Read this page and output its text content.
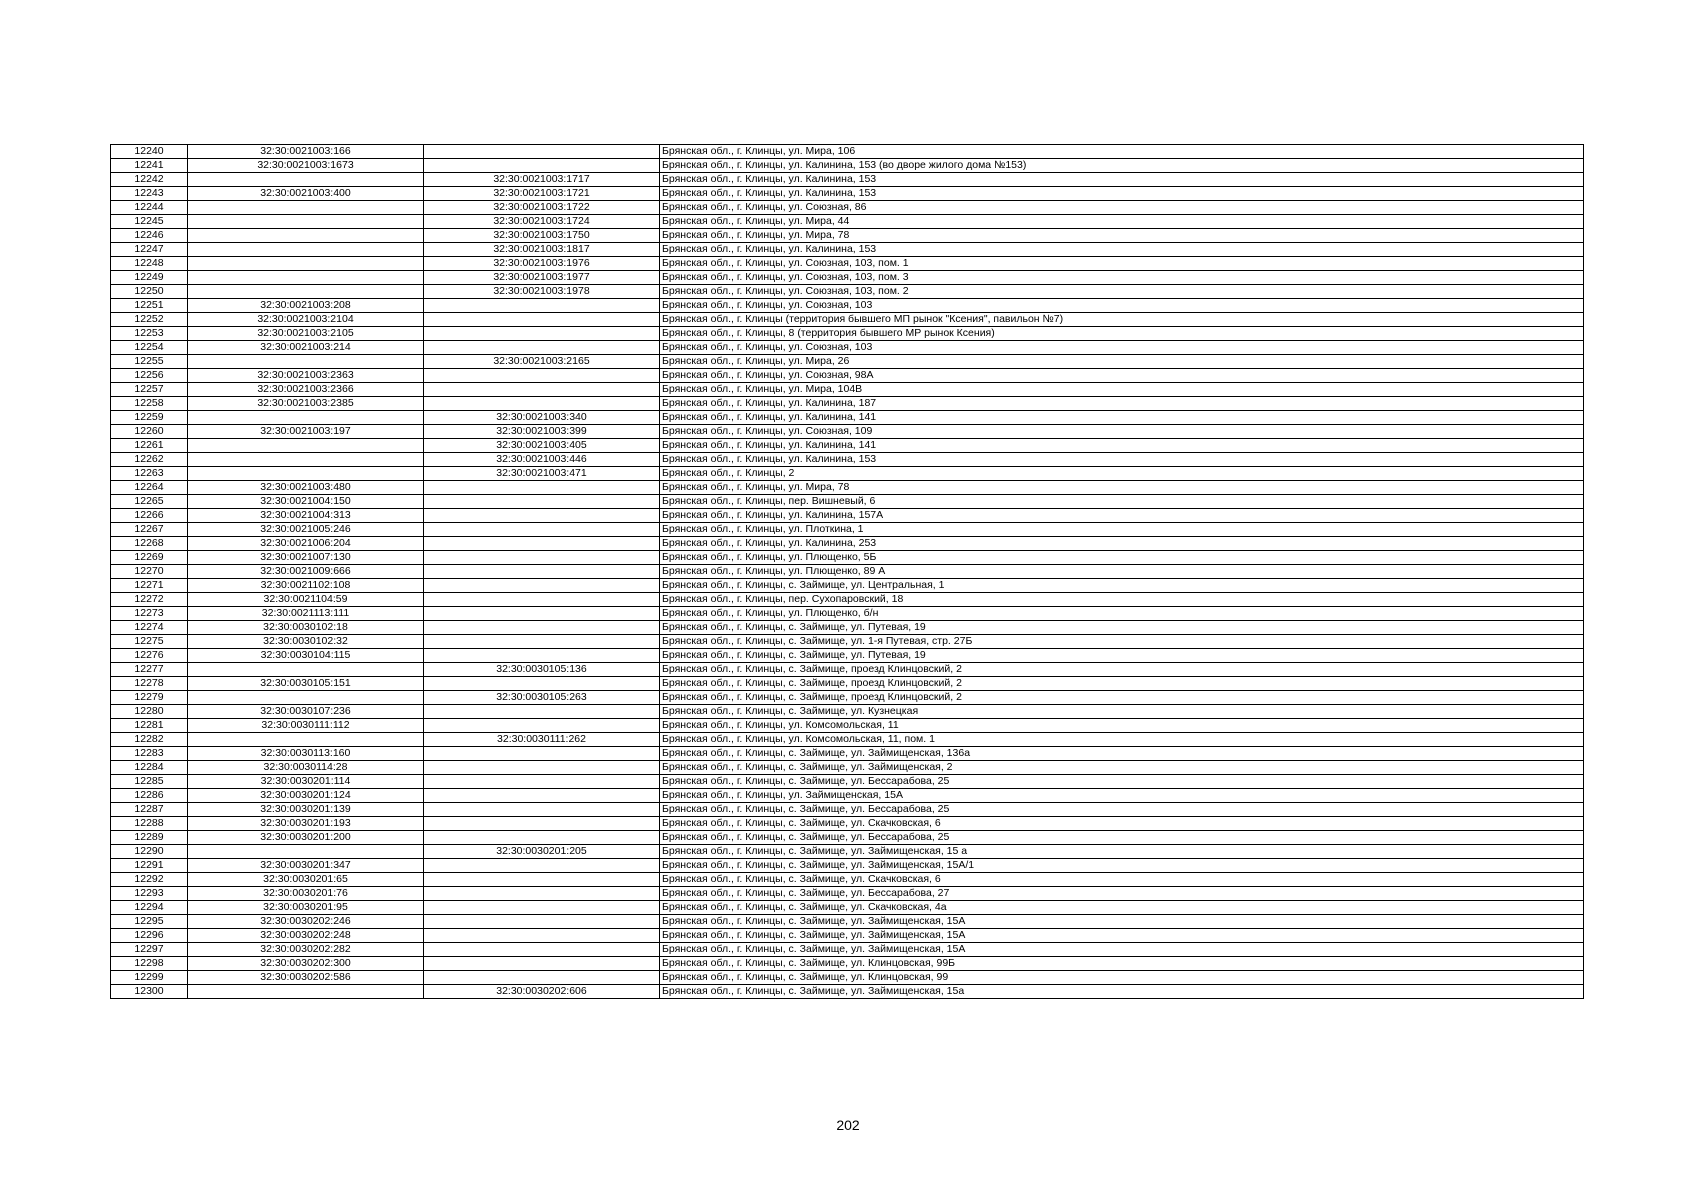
12240	32:30:0021003:166		Брянская обл., г. Клинцы, ул. Мира, 106
12241	32:30:0021003:1673		Брянская обл., г. Клинцы, ул. Калинина, 153 (во дворе жилого дома №153)
12242		32:30:0021003:1717	Брянская обл., г. Клинцы, ул. Калинина, 153
12243	32:30:0021003:400	32:30:0021003:1721	Брянская обл., г. Клинцы, ул. Калинина, 153
12244		32:30:0021003:1722	Брянская обл., г. Клинцы, ул. Союзная, 86
12245		32:30:0021003:1724	Брянская обл., г. Клинцы, ул. Мира, 44
12246		32:30:0021003:1750	Брянская обл., г. Клинцы, ул. Мира, 78
12247		32:30:0021003:1817	Брянская обл., г. Клинцы, ул. Калинина, 153
12248		32:30:0021003:1976	Брянская обл., г. Клинцы, ул. Союзная, 103, пом. 1
12249		32:30:0021003:1977	Брянская обл., г. Клинцы, ул. Союзная, 103, пом. 3
12250		32:30:0021003:1978	Брянская обл., г. Клинцы, ул. Союзная, 103, пом. 2
12251	32:30:0021003:208		Брянская обл., г. Клинцы, ул. Союзная, 103
12252	32:30:0021003:2104		Брянская обл., г. Клинцы (территория бывшего МП рынок "Ксения", павильон №7)
12253	32:30:0021003:2105		Брянская обл., г. Клинцы, 8 (территория бывшего МР рынок Ксения)
12254	32:30:0021003:214		Брянская обл., г. Клинцы, ул. Союзная, 103
12255		32:30:0021003:2165	Брянская обл., г. Клинцы, ул. Мира, 26
12256	32:30:0021003:2363		Брянская обл., г. Клинцы, ул. Союзная, 98А
12257	32:30:0021003:2366		Брянская обл., г. Клинцы, ул. Мира, 104В
12258	32:30:0021003:2385		Брянская обл., г. Клинцы, ул. Калинина, 187
12259		32:30:0021003:340	Брянская обл., г. Клинцы, ул. Калинина, 141
12260	32:30:0021003:197	32:30:0021003:399	Брянская обл., г. Клинцы, ул. Союзная, 109
12261		32:30:0021003:405	Брянская обл., г. Клинцы, ул. Калинина, 141
12262		32:30:0021003:446	Брянская обл., г. Клинцы, ул. Калинина, 153
12263		32:30:0021003:471	Брянская обл., г. Клинцы, 2
12264	32:30:0021003:480		Брянская обл., г. Клинцы, ул. Мира, 78
12265	32:30:0021004:150		Брянская обл., г. Клинцы, пер. Вишневый, 6
12266	32:30:0021004:313		Брянская обл., г. Клинцы, ул. Калинина, 157А
12267	32:30:0021005:246		Брянская обл., г. Клинцы, ул. Плоткина, 1
12268	32:30:0021006:204		Брянская обл., г. Клинцы, ул. Калинина, 253
12269	32:30:0021007:130		Брянская обл., г. Клинцы, ул. Плющенко, 5Б
12270	32:30:0021009:666		Брянская обл., г. Клинцы, ул. Плющенко, 89 А
12271	32:30:0021102:108		Брянская обл., г. Клинцы, с. Займище, ул. Центральная, 1
12272	32:30:0021104:59		Брянская обл., г. Клинцы, пер. Сухопаровский, 18
12273	32:30:0021113:111		Брянская обл., г. Клинцы, ул. Плющенко, б/н
12274	32:30:0030102:18		Брянская обл., г. Клинцы, с. Займище, ул. Путевая, 19
12275	32:30:0030102:32		Брянская обл., г. Клинцы, с. Займище, ул. 1-я Путевая, стр. 27Б
12276	32:30:0030104:115		Брянская обл., г. Клинцы, с. Займище, ул. Путевая, 19
12277		32:30:0030105:136	Брянская обл., г. Клинцы, с. Займище, проезд Клинцовский, 2
12278	32:30:0030105:151		Брянская обл., г. Клинцы, с. Займище, проезд Клинцовский, 2
12279		32:30:0030105:263	Брянская обл., г. Клинцы, с. Займище, проезд Клинцовский, 2
12280	32:30:0030107:236		Брянская обл., г. Клинцы, с. Займище, ул. Кузнецкая
12281	32:30:0030111:112		Брянская обл., г. Клинцы, ул. Комсомольская, 11
12282		32:30:0030111:262	Брянская обл., г. Клинцы, ул. Комсомольская, 11, пом. 1
12283	32:30:0030113:160		Брянская обл., г. Клинцы, с. Займище, ул. Займищенская, 136а
12284	32:30:0030114:28		Брянская обл., г. Клинцы, с. Займище, ул. Займищенская, 2
12285	32:30:0030201:114		Брянская обл., г. Клинцы, с. Займище, ул. Бессарабова, 25
12286	32:30:0030201:124		Брянская обл., г. Клинцы, ул. Займищенская, 15А
12287	32:30:0030201:139		Брянская обл., г. Клинцы, с. Займище, ул. Бессарабова, 25
12288	32:30:0030201:193		Брянская обл., г. Клинцы, с. Займище, ул. Скачковская, 6
12289	32:30:0030201:200		Брянская обл., г. Клинцы, с. Займище, ул. Бессарабова, 25
12290		32:30:0030201:205	Брянская обл., г. Клинцы, с. Займище, ул. Займищенская, 15 а
12291	32:30:0030201:347		Брянская обл., г. Клинцы, с. Займище, ул. Займищенская, 15А/1
12292	32:30:0030201:65		Брянская обл., г. Клинцы, с. Займище, ул. Скачковская, 6
12293	32:30:0030201:76		Брянская обл., г. Клинцы, с. Займище, ул. Бессарабова, 27
12294	32:30:0030201:95		Брянская обл., г. Клинцы, с. Займище, ул. Скачковская, 4а
12295	32:30:0030202:246		Брянская обл., г. Клинцы, с. Займище, ул. Займищенская, 15А
12296	32:30:0030202:248		Брянская обл., г. Клинцы, с. Займище, ул. Займищенская, 15А
12297	32:30:0030202:282		Брянская обл., г. Клинцы, с. Займище, ул. Займищенская, 15А
12298	32:30:0030202:300		Брянская обл., г. Клинцы, с. Займище, ул. Клинцовская, 99Б
12299	32:30:0030202:586		Брянская обл., г. Клинцы, с. Займище, ул. Клинцовская, 99
12300		32:30:0030202:606	Брянская обл., г. Клинцы, с. Займище, ул. Займищенская, 15а
202
